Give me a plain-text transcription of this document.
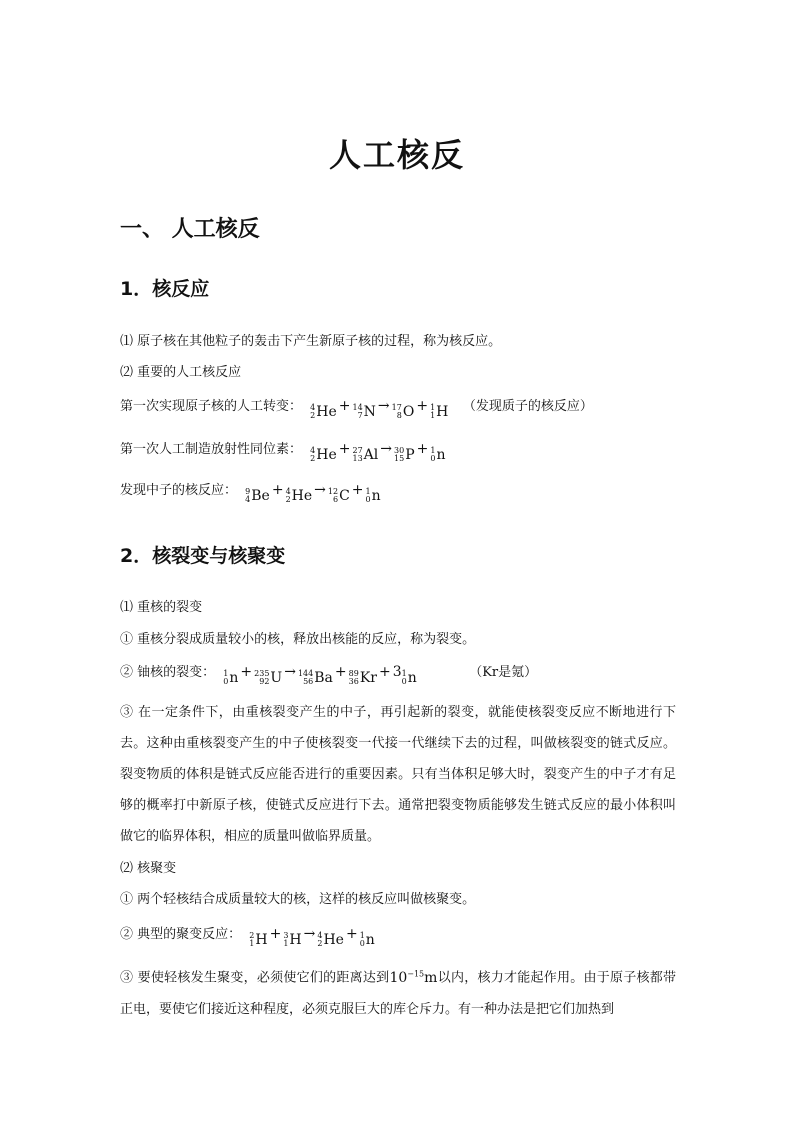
人工核反
一、 人工核反
1．核反应
⑴ 原子核在其他粒子的轰击下产生新原子核的过程，称为核反应。
⑵ 重要的人工核反应
第一次实现原子核的人工转变： 4
2 He + 14
7 N → 17
8 O + 1
1 H （发现质子的核反应）
第一次人工制造放射性同位素： 4
2 He + 27
13 Al → 30
15 P + 1
0 n
发现中子的核反应： 9
4 Be + 4
2 He → 12
6 C + 1
0 n
2．核裂变与核聚变
⑴ 重核的裂变
① 重核分裂成质量较小的核，释放出核能的反应，称为裂变。
② 铀核的裂变： 1
0 n + 235
92 U → 144
56 Ba + 89
36 Kr + 3 1
0 n	（Kr是氪）
③ 在一定条件下，由重核裂变产生的中子，再引起新的裂变，就能使核裂变反应不断地进行下去。这种由重核裂变产生的中子使核裂变一代接一代继续下去的过程，叫做核裂变的链式反应。裂变物质的体积是链式反应能否进行的重要因素。只有当体积足够大时，裂变产生的中子才有足够的概率打中新原子核，使链式反应进行下去。通常把裂变物质能够发生链式反应的最小体积叫做它的临界体积，相应的质量叫做临界质量。
⑵ 核聚变
① 两个轻核结合成质量较大的核，这样的核反应叫做核聚变。
② 典型的聚变反应： 2
1 H + 3
1 H → 4
2 He + 1
0 n
③ 要使轻核发生聚变，必须使它们的距离达到$10^{-15}m$以内，核力才能起作用。由于原子核都带正电，要使它们接近这种程度，必须克服巨大的库仑斥力。有一种办法是把它们加热到
